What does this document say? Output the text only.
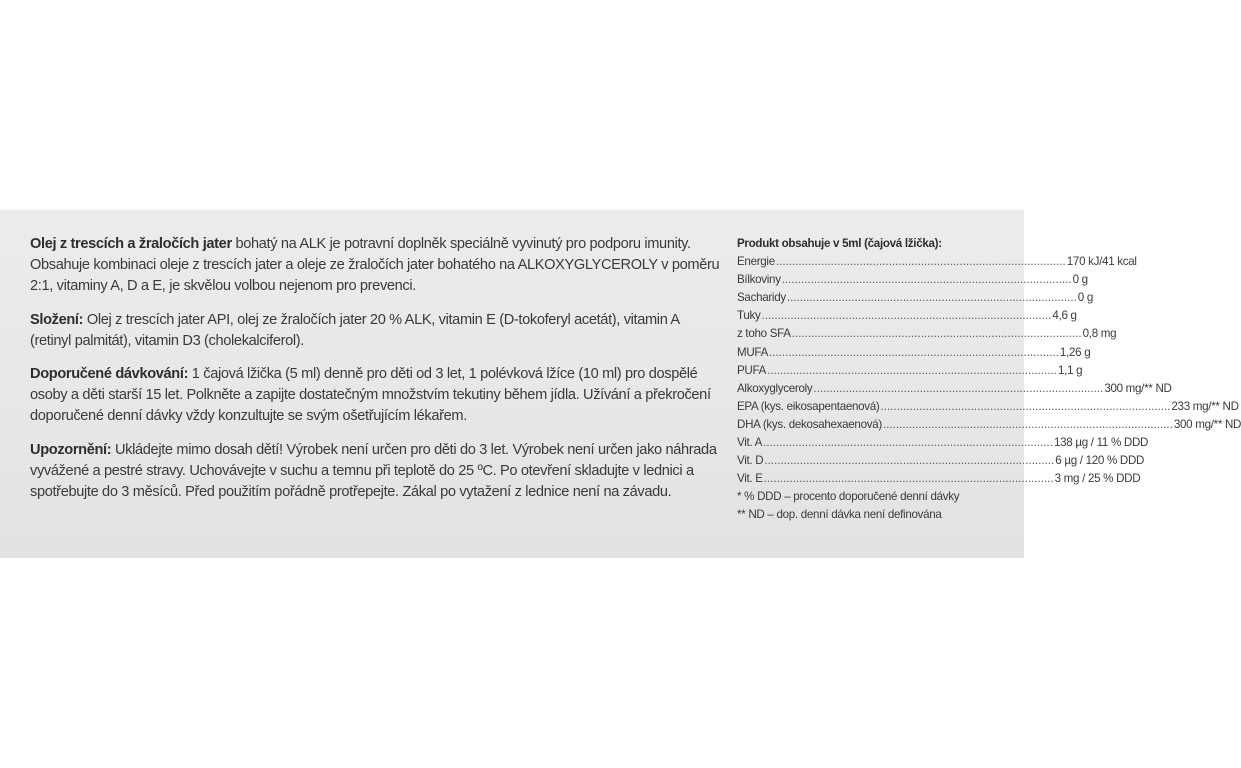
Olej z trescích a žraločích jater bohatý na ALK je potravní doplněk speciálně vyvinutý pro podporu imunity. Obsahuje kombinaci oleje z trescích jater a oleje ze žraločích jater bohatého na ALKOXYGLYCEROLY v poměru 2:1, vitaminy A, D a E, je skvělou volbou nejenom pro prevenci.

Složení: Olej z trescích jater API, olej ze žraločích jater 20 % ALK, vitamin E (D-tokoferyl acetát), vitamin A (retinyl palmitát), vitamin D3 (cholekalciferol).

Doporučené dávkování: 1 čajová lžička (5 ml) denně pro děti od 3 let, 1 polévková lžíce (10 ml) pro dospělé osoby a děti starší 15 let. Polkněte a zapijte dostatečným množstvím tekutiny během jídla. Užívání a překročení doporučené denní dávky vždy konzultujte se svým ošetřujícím lékařem.

Upozornění: Ukládejte mimo dosah dětí! Výrobek není určen pro děti do 3 let. Výrobek není určen jako náhrada vyvážené a pestré stravy. Uchovávejte v suchu a temnu při teplotě do 25 ºC. Po otevření skladujte v lednici a spotřebujte do 3 měsíců. Před použitím pořádně protřepejte. Zákal po vytažení z lednice není na závadu.

Produkt obsahuje v 5ml (čajová lžička):
Energie .......................................................................................... 170 kJ/41 kcal
Bílkoviny .......................................................................................... 0 g
Sacharidy .......................................................................................... 0 g
Tuky .......................................................................................... 4,6 g
z toho SFA .......................................................................................... 0,8 mg
MUFA .......................................................................................... 1,26 g
PUFA .......................................................................................... 1,1 g
Alkoxyglyceroly .......................................................................................... 300 mg/** ND
EPA (kys. eikosapentaenová) .......................................................................................... 233 mg/** ND
DHA (kys. dekosahexaenová) .......................................................................................... 300 mg/** ND
Vit. A .......................................................................................... 138 µg / 11 % DDD
Vit. D .......................................................................................... 6 µg / 120 % DDD
Vit. E .......................................................................................... 3 mg / 25 % DDD
* % DDD – procento doporučené denní dávky
** ND – dop. denní dávka není definována
